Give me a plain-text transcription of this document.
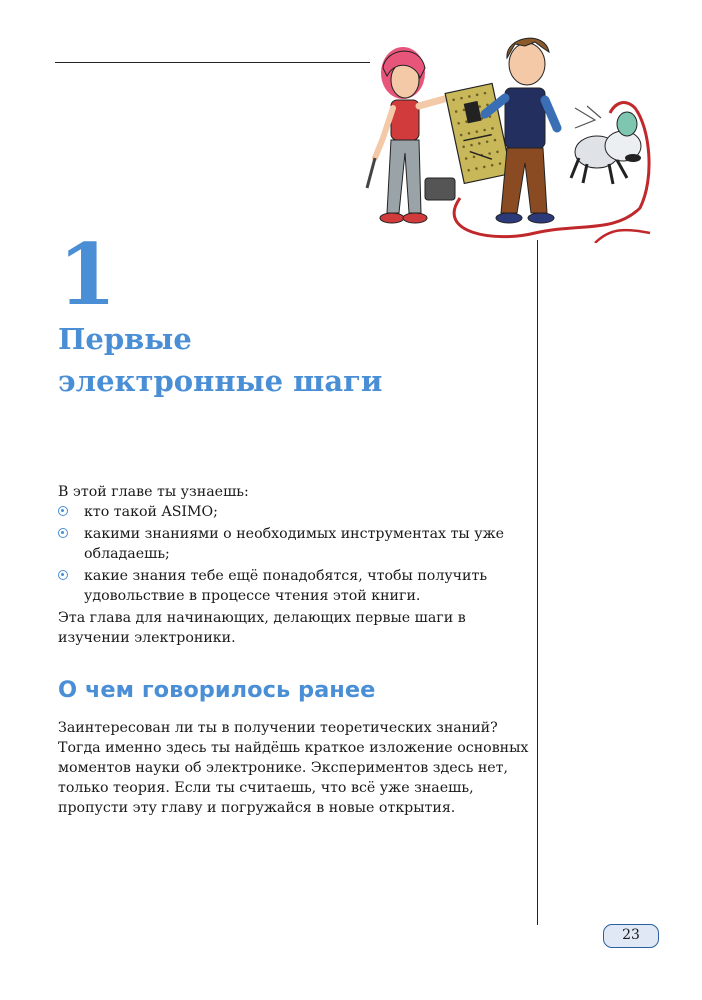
1
Первые
электронные шаги

В этой главе ты узнаешь:

кто такой ASIMO;
какими знаниями о необходимых инструментах ты уже обладаешь;
какие знания тебе ещё понадобятся, чтобы получить удовольствие в процессе чтения этой книги.

Эта глава для начинающих, делающих первые шаги в изучении электроники.

О чем говорилось ранее

Заинтересован ли ты в получении теоретических знаний? Тогда именно здесь ты найдёшь краткое изложение основных моментов науки об электронике. Экспериментов здесь нет, только теория. Если ты считаешь, что всё уже знаешь, пропусти эту главу и погружайся в новые открытия.

23
